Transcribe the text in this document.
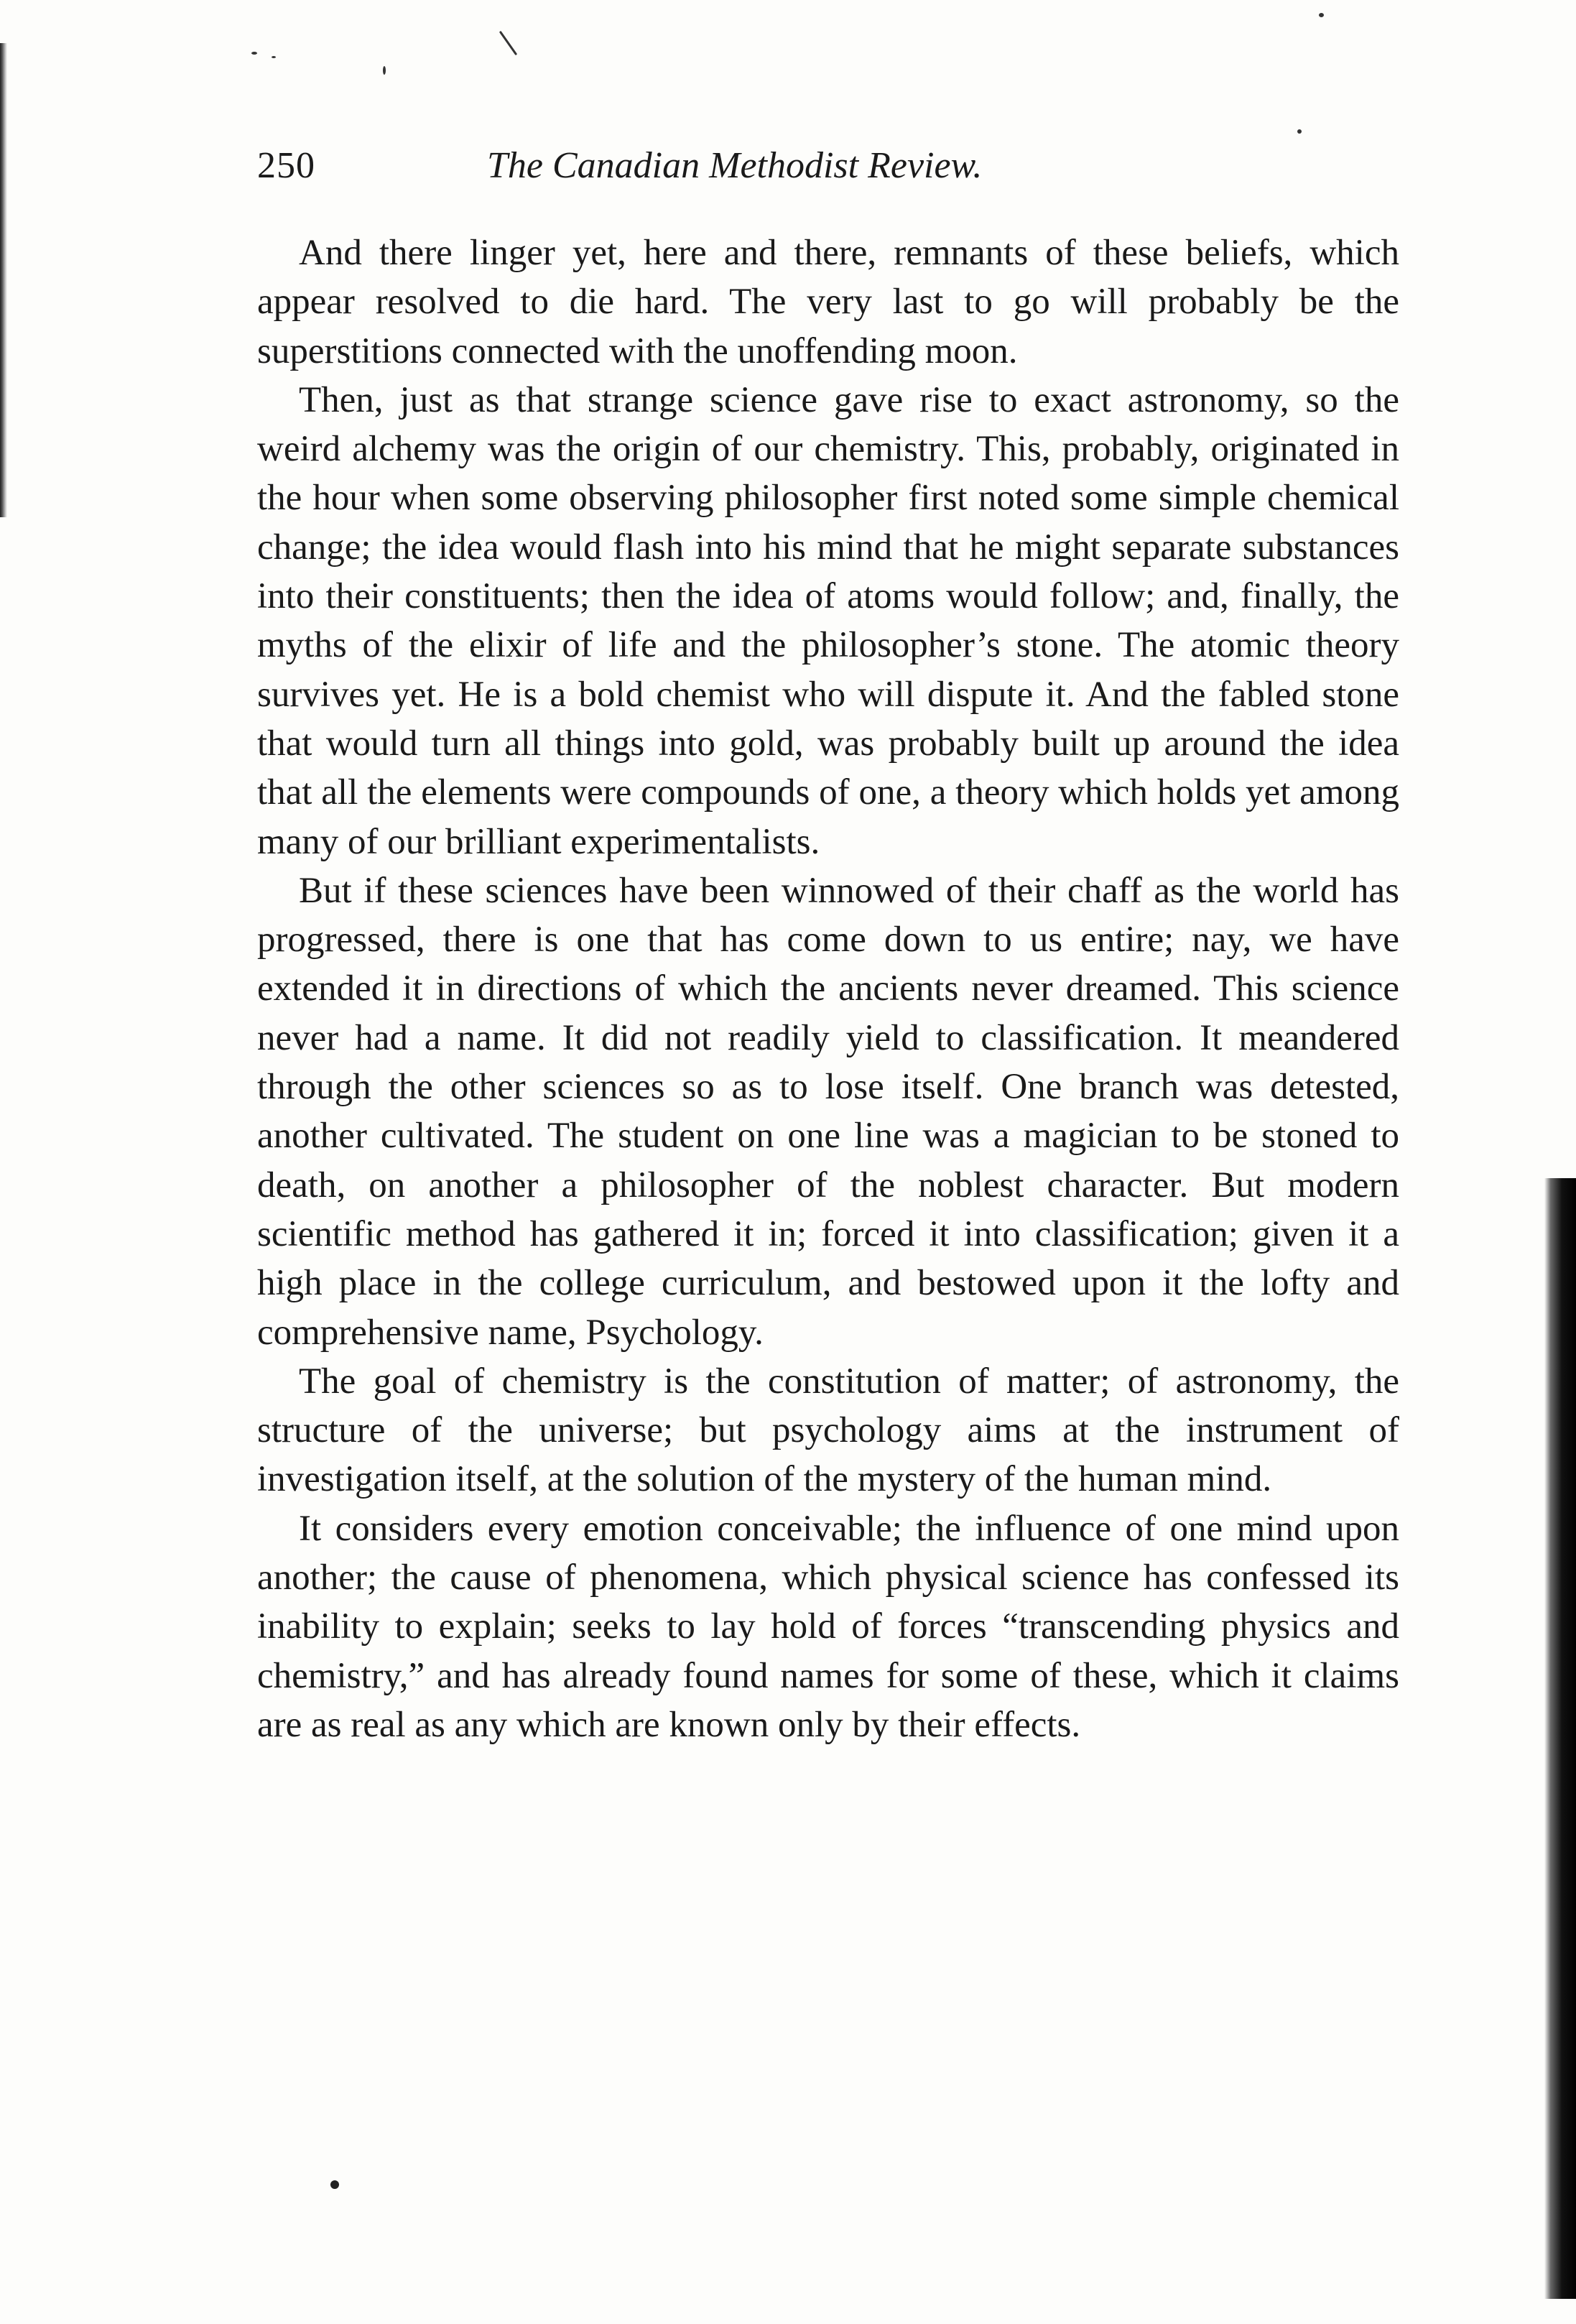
250	The Canadian Methodist Review.

And there linger yet, here and there, remnants of these beliefs, which appear resolved to die hard. The very last to go will probably be the superstitions connected with the unoffending moon.

Then, just as that strange science gave rise to exact astronomy, so the weird alchemy was the origin of our chemistry. This, probably, originated in the hour when some observing philosopher first noted some simple chemical change; the idea would flash into his mind that he might separate substances into their constituents; then the idea of atoms would follow; and, finally, the myths of the elixir of life and the philosopher’s stone. The atomic theory survives yet. He is a bold chemist who will dispute it. And the fabled stone that would turn all things into gold, was probably built up around the idea that all the elements were compounds of one, a theory which holds yet among many of our brilliant experimentalists.

But if these sciences have been winnowed of their chaff as the world has progressed, there is one that has come down to us entire; nay, we have extended it in directions of which the ancients never dreamed. This science never had a name. It did not readily yield to classification. It meandered through the other sciences so as to lose itself. One branch was detested, another cultivated. The student on one line was a magician to be stoned to death, on another a philosopher of the noblest character. But modern scientific method has gathered it in; forced it into classification; given it a high place in the college curriculum, and bestowed upon it the lofty and comprehensive name, Psychology.

The goal of chemistry is the constitution of matter; of astronomy, the structure of the universe; but psychology aims at the instrument of investigation itself, at the solution of the mystery of the human mind.

It considers every emotion conceivable; the influence of one mind upon another; the cause of phenomena, which physical science has confessed its inability to explain; seeks to lay hold of forces “transcending physics and chemistry,” and has already found names for some of these, which it claims are as real as any which are known only by their effects.
